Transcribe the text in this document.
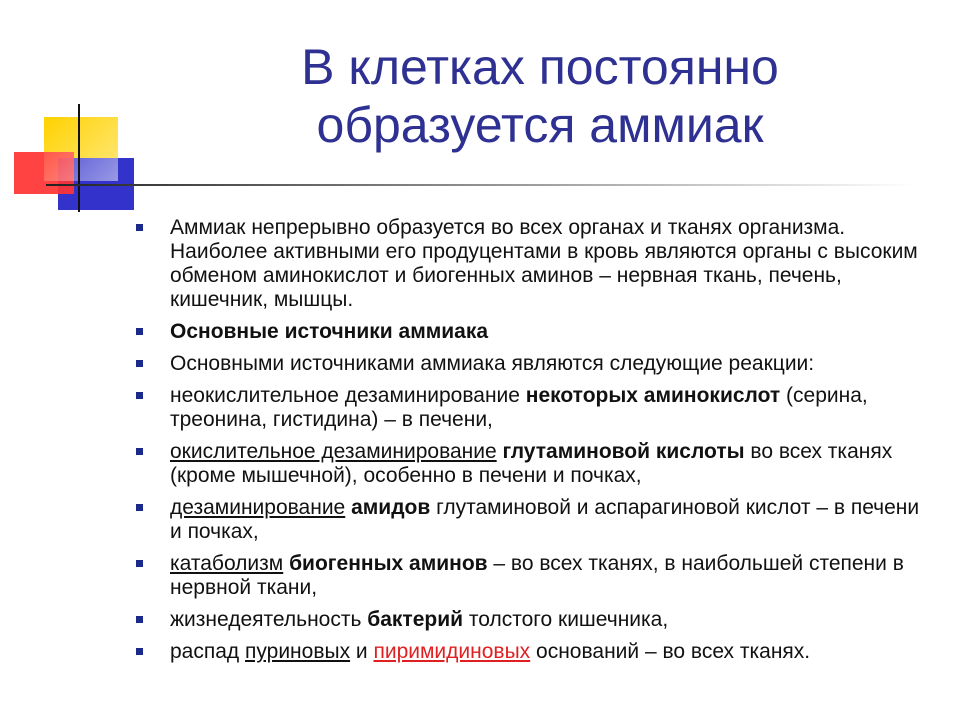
В клетках постоянно образуется аммиак
Аммиак непрерывно образуется во всех органах и тканях организма. Наиболее активными его продуцентами в кровь являются органы с высоким обменом аминокислот и биогенных аминов – нервная ткань, печень, кишечник, мышцы.
Основные источники аммиака
Основными источниками аммиака являются следующие реакции:
неокислительное дезаминирование некоторых аминокислот (серина, треонина, гистидина) – в печени,
окислительное дезаминирование глутаминовой кислоты во всех тканях (кроме мышечной), особенно в печени и почках,
дезаминирование амидов глутаминовой и аспарагиновой кислот – в печени и почках,
катаболизм биогенных аминов – во всех тканях, в наибольшей степени в нервной ткани,
жизнедеятельность бактерий толстого кишечника,
распад пуриновых и пиримидиновых оснований – во всех тканях.
